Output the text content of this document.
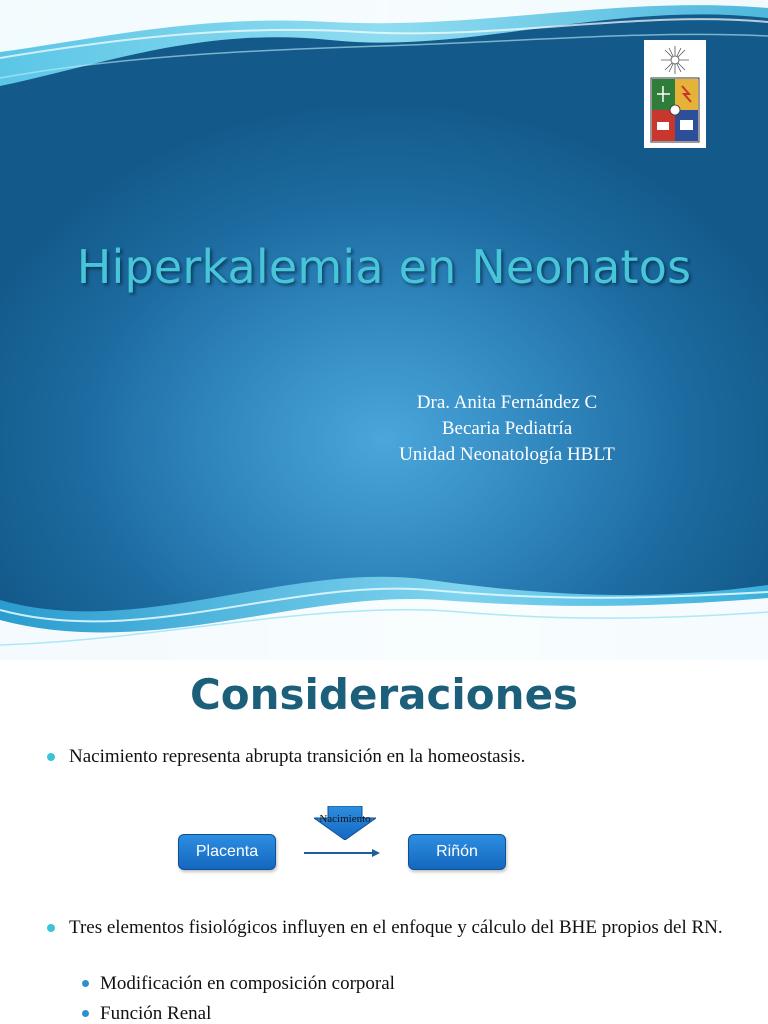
Hiperkalemia en Neonatos
Dra. Anita Fernández C
Becaria Pediatría
Unidad Neonatología HBLT
Consideraciones
Nacimiento representa abrupta transición en la homeostasis.
Placenta
Nacimiento
Riñón
Tres elementos fisiológicos influyen en el enfoque y cálculo del BHE propios del RN.
Modificación en composición corporal
Función Renal
